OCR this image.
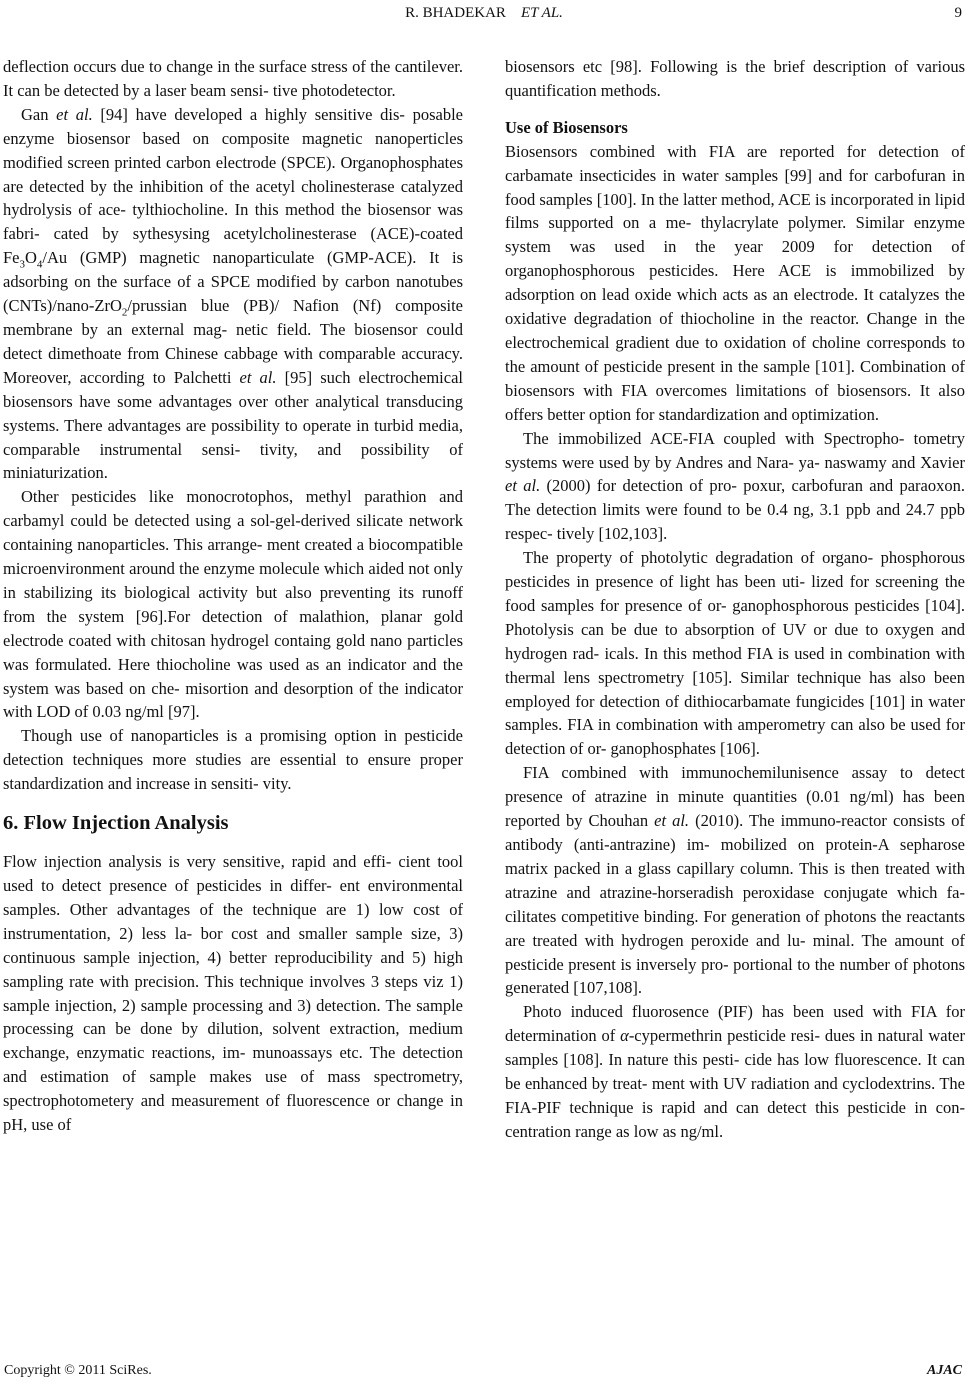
R. BHADEKAR ET AL.	9

deflection occurs due to change in the surface stress of the cantilever. It can be detected by a laser beam sensi- tive photodetector.

Gan et al. [94] have developed a highly sensitive dis- posable enzyme biosensor based on composite magnetic nanoperticles modified screen printed carbon electrode (SPCE). Organophosphates are detected by the inhibition of the acetyl cholinesterase catalyzed hydrolysis of ace- tylthiocholine. In this method the biosensor was fabri- cated by sythesysing acetylcholinesterase (ACE)-coated $Fe_3O_4/Au$ (GMP) magnetic nanoparticulate (GMP-ACE). It is adsorbing on the surface of a SPCE modified by carbon nanotubes (CNTs)/nano-ZrO$_2$/prussian blue (PB)/ Nafion (Nf) composite membrane by an external mag- netic field. The biosensor could detect dimethoate from Chinese cabbage with comparable accuracy. Moreover, according to Palchetti et al. [95] such electrochemical biosensors have some advantages over other analytical transducing systems. There advantages are possibility to operate in turbid media, comparable instrumental sensi- tivity, and possibility of miniaturization.

Other pesticides like monocrotophos, methyl parathion and carbamyl could be detected using a sol-gel-derived silicate network containing nanoparticles. This arrange- ment created a biocompatible microenvironment around the enzyme molecule which aided not only in stabilizing its biological activity but also preventing its runoff from the system [96].For detection of malathion, planar gold electrode coated with chitosan hydrogel containg gold nano particles was formulated. Here thiocholine was used as an indicator and the system was based on che- misortion and desorption of the indicator with LOD of 0.03 ng/ml [97].

Though use of nanoparticles is a promising option in pesticide detection techniques more studies are essential to ensure proper standardization and increase in sensiti- vity.

6. Flow Injection Analysis

Flow injection analysis is very sensitive, rapid and effi- cient tool used to detect presence of pesticides in differ- ent environmental samples. Other advantages of the technique are 1) low cost of instrumentation, 2) less la- bor cost and smaller sample size, 3) continuous sample injection, 4) better reproducibility and 5) high sampling rate with precision. This technique involves 3 steps viz 1) sample injection, 2) sample processing and 3) detection. The sample processing can be done by dilution, solvent extraction, medium exchange, enzymatic reactions, im- munoassays etc. The detection and estimation of sample makes use of mass spectrometry, spectrophotometery and measurement of fluorescence or change in pH, use of

biosensors etc [98]. Following is the brief description of various quantification methods.

Use of Biosensors

Biosensors combined with FIA are reported for detection of carbamate insecticides in water samples [99] and for carbofuran in food samples [100]. In the latter method, ACE is incorporated in lipid films supported on a me- thylacrylate polymer. Similar enzyme system was used in the year 2009 for detection of organophosphorous pesticides. Here ACE is immobilized by adsorption on lead oxide which acts as an electrode. It catalyzes the oxidative degradation of thiocholine in the reactor. Change in the electrochemical gradient due to oxidation of choline corresponds to the amount of pesticide present in the sample [101]. Combination of biosensors with FIA overcomes limitations of biosensors. It also offers better option for standardization and optimization.

The immobilized ACE-FIA coupled with Spectropho- tometry systems were used by by Andres and Nara- ya- naswamy and Xavier et al. (2000) for detection of pro- poxur, carbofuran and paraoxon. The detection limits were found to be 0.4 ng, 3.1 ppb and 24.7 ppb respec- tively [102,103].

The property of photolytic degradation of organo- phosphorous pesticides in presence of light has been uti- lized for screening the food samples for presence of or- ganophosphorous pesticides [104]. Photolysis can be due to absorption of UV or due to oxygen and hydrogen rad- icals. In this method FIA is used in combination with thermal lens spectrometry [105]. Similar technique has also been employed for detection of dithiocarbamate fungicides [101] in water samples. FIA in combination with amperometry can also be used for detection of or- ganophosphates [106].

FIA combined with immunochemilunisence assay to detect presence of atrazine in minute quantities (0.01 ng/ml) has been reported by Chouhan et al. (2010). The immuno-reactor consists of antibody (anti-antrazine) im- mobilized on protein-A sepharose matrix packed in a glass capillary column. This is then treated with atrazine and atrazine-horseradish peroxidase conjugate which fa- cilitates competitive binding. For generation of photons the reactants are treated with hydrogen peroxide and lu- minal. The amount of pesticide present is inversely pro- portional to the number of photons generated [107,108].

Photo induced fluorosence (PIF) has been used with FIA for determination of α-cypermethrin pesticide resi- dues in natural water samples [108]. In nature this pesti- cide has low fluorescence. It can be enhanced by treat- ment with UV radiation and cyclodextrins. The FIA-PIF technique is rapid and can detect this pesticide in con- centration range as low as ng/ml.

Copyright © 2011 SciRes.	AJAC
